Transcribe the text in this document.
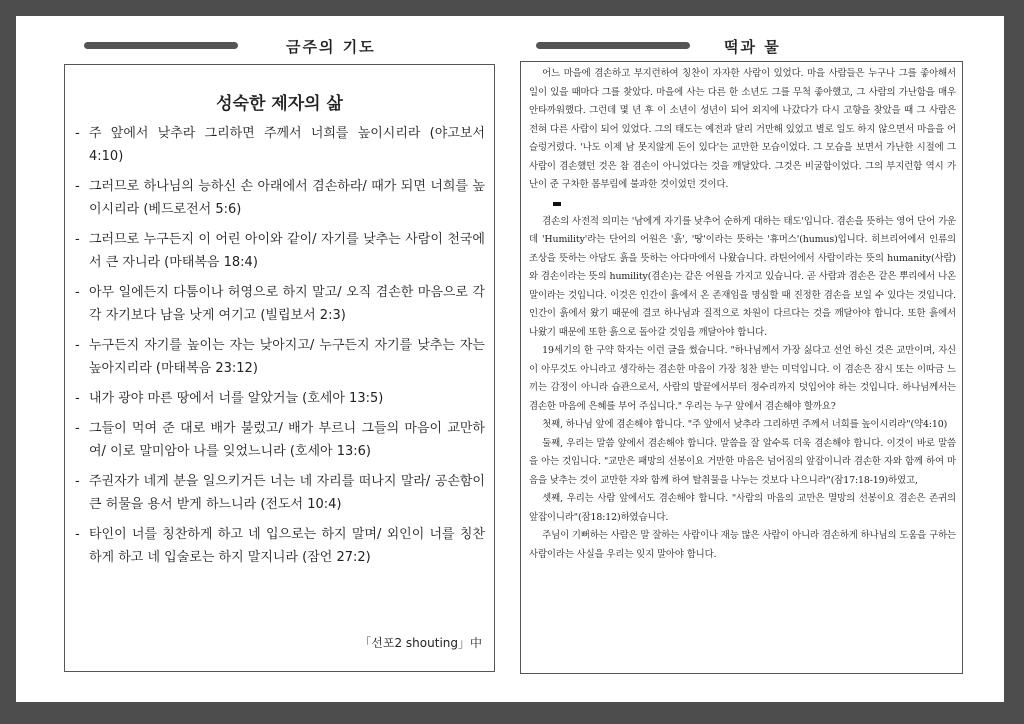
금주의 기도	떡과 물
성숙한 제자의 삶
- 주 앞에서 낮추라 그리하면 주께서 너희를 높이시리라 (야고보서 4:10)
- 그러므로 하나님의 능하신 손 아래에서 겸손하라/ 때가 되면 너희를 높이시리라 (베드로전서 5:6)
- 그러므로 누구든지 이 어린 아이와 같이/ 자기를 낮추는 사람이 천국에서 큰 자니라 (마태복음 18:4)
- 아무 일에든지 다툼이나 허영으로 하지 말고/ 오직 겸손한 마음으로 각각 자기보다 남을 낫게 여기고 (빌립보서 2:3)
- 누구든지 자기를 높이는 자는 낮아지고/ 누구든지 자기를 낮추는 자는 높아지리라 (마태복음 23:12)
- 내가 광야 마른 땅에서 너를 알았거늘 (호세아 13:5)
- 그들이 먹여 준 대로 배가 불렀고/ 배가 부르니 그들의 마음이 교만하여/ 이로 말미암아 나를 잊었느니라 (호세아 13:6)
- 주권자가 네게 분을 일으키거든 너는 네 자리를 떠나지 말라/ 공손함이 큰 허물을 용서 받게 하느니라 (전도서 10:4)
- 타인이 너를 칭찬하게 하고 네 입으로는 하지 말며/ 외인이 너를 칭찬하게 하고 네 입술로는 하지 말지니라 (잠언 27:2)
「선포2 shouting」中

어느 마을에 겸손하고 부지런하여 칭찬이 자자한 사람이 있었다. 마을 사람들은 누구나 그를 좋아해서 일이 있을 때마다 그를 찾았다. 마을에 사는 다른 한 소년도 그를 무척 좋아했고, 그 사람의 가난함을 매우 안타까워했다. 그런데 몇 년 후 이 소년이 성년이 되어 외지에 나갔다가 다시 고향을 찾았을 때 그 사람은 전혀 다른 사람이 되어 있었다. 그의 태도는 예전과 달리 거만해 있었고 별로 일도 하지 않으면서 마을을 어슬렁거렸다. '나도 이제 남 못지않게 돈이 있다'는 교만한 모습이었다. 그 모습을 보면서 가난한 시절에 그 사람이 겸손했던 것은 참 겸손이 아니었다는 것을 깨달았다. 그것은 비굴함이었다. 그의 부지런함 역시 가난이 준 구차한 몸부림에 불과한 것이었던 것이다.

겸손의 사전적 의미는 '남에게 자기를 낮추어 순하게 대하는 태도'입니다. 겸손을 뜻하는 영어 단어 가운데 'Humility'라는 단어의 어원은 '흙', '땅'이라는 뜻하는 '휴머스'(humus)입니다. 히브리어에서 인류의 조상을 뜻하는 아담도 흙을 뜻하는 아다마에서 나왔습니다. 라틴어에서 사람이라는 뜻의 humanity(사람)와 겸손이라는 뜻의 humility(겸손)는 같은 어원을 가지고 있습니다. 곧 사람과 겸손은 같은 뿌리에서 나온 말이라는 것입니다. 이것은 인간이 흙에서 온 존재임을 명심할 때 진정한 겸손을 보일 수 있다는 것입니다. 인간이 흙에서 왔기 때문에 결코 하나님과 질적으로 차원이 다르다는 것을 깨달아야 합니다. 또한 흙에서 나왔기 때문에 또한 흙으로 돌아갈 것임을 깨달아야 합니다.

19세기의 한 구약 학자는 이런 글을 썼습니다. "하나님께서 가장 싫다고 선언 하신 것은 교만이며, 자신이 아무것도 아니라고 생각하는 겸손한 마음이 가장 칭찬 받는 미덕입니다. 이 겸손은 잠시 또는 이따금 느끼는 감정이 아니라 습관으로서, 사람의 발끝에서부터 정수리까지 덧입어야 하는 것입니다. 하나님께서는 겸손한 마음에 은혜를 부어 주십니다." 우리는 누구 앞에서 겸손해야 할까요?

첫째, 하나님 앞에 겸손해야 합니다. "주 앞에서 낮추라 그리하면 주께서 너희를 높이시리라"(약4:10)

둘째, 우리는 말씀 앞에서 겸손해야 합니다. 말씀을 잘 알수록 더욱 겸손해야 합니다. 이것이 바로 말씀을 아는 것입니다. "교만은 패망의 선봉이요 거만한 마음은 넘어짐의 앞잡이니라 겸손한 자와 함께 하여 마음을 낮추는 것이 교만한 자와 함께 하여 탈취물을 나누는 것보다 나으니라"(잠17:18-19)하였고,

셋째, 우리는 사람 앞에서도 겸손해야 합니다. "사람의 마음의 교만은 멸망의 선봉이요 겸손은 존귀의 앞잡이니라"(잠18:12)하였습니다.

주님이 기뻐하는 사람은 말 잘하는 사람이나 재능 많은 사람이 아니라 겸손하게 하나님의 도움을 구하는 사람이라는 사실을 우리는 잊지 말아야 합니다.
